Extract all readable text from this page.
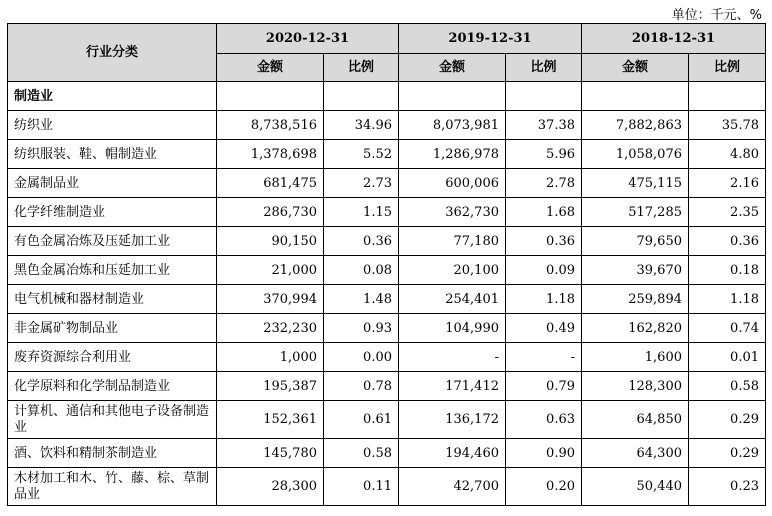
单位：千元、%
行业分类	2020-12-31		2019-12-31		2018-12-31	
	金额	比例	金额	比例	金额	比例
制造业						
纺织业	8,738,516	34.96	8,073,981	37.38	7,882,863	35.78
纺织服装、鞋、帽制造业	1,378,698	5.52	1,286,978	5.96	1,058,076	4.80
金属制品业	681,475	2.73	600,006	2.78	475,115	2.16
化学纤维制造业	286,730	1.15	362,730	1.68	517,285	2.35
有色金属冶炼及压延加工业	90,150	0.36	77,180	0.36	79,650	0.36
黑色金属冶炼和压延加工业	21,000	0.08	20,100	0.09	39,670	0.18
电气机械和器材制造业	370,994	1.48	254,401	1.18	259,894	1.18
非金属矿物制品业	232,230	0.93	104,990	0.49	162,820	0.74
废弃资源综合利用业	1,000	0.00	-	-	1,600	0.01
化学原料和化学制品制造业	195,387	0.78	171,412	0.79	128,300	0.58
计算机、通信和其他电子设备制造业	152,361	0.61	136,172	0.63	64,850	0.29
酒、饮料和精制茶制造业	145,780	0.58	194,460	0.90	64,300	0.29
木材加工和木、竹、藤、棕、草制品业	28,300	0.11	42,700	0.20	50,440	0.23
